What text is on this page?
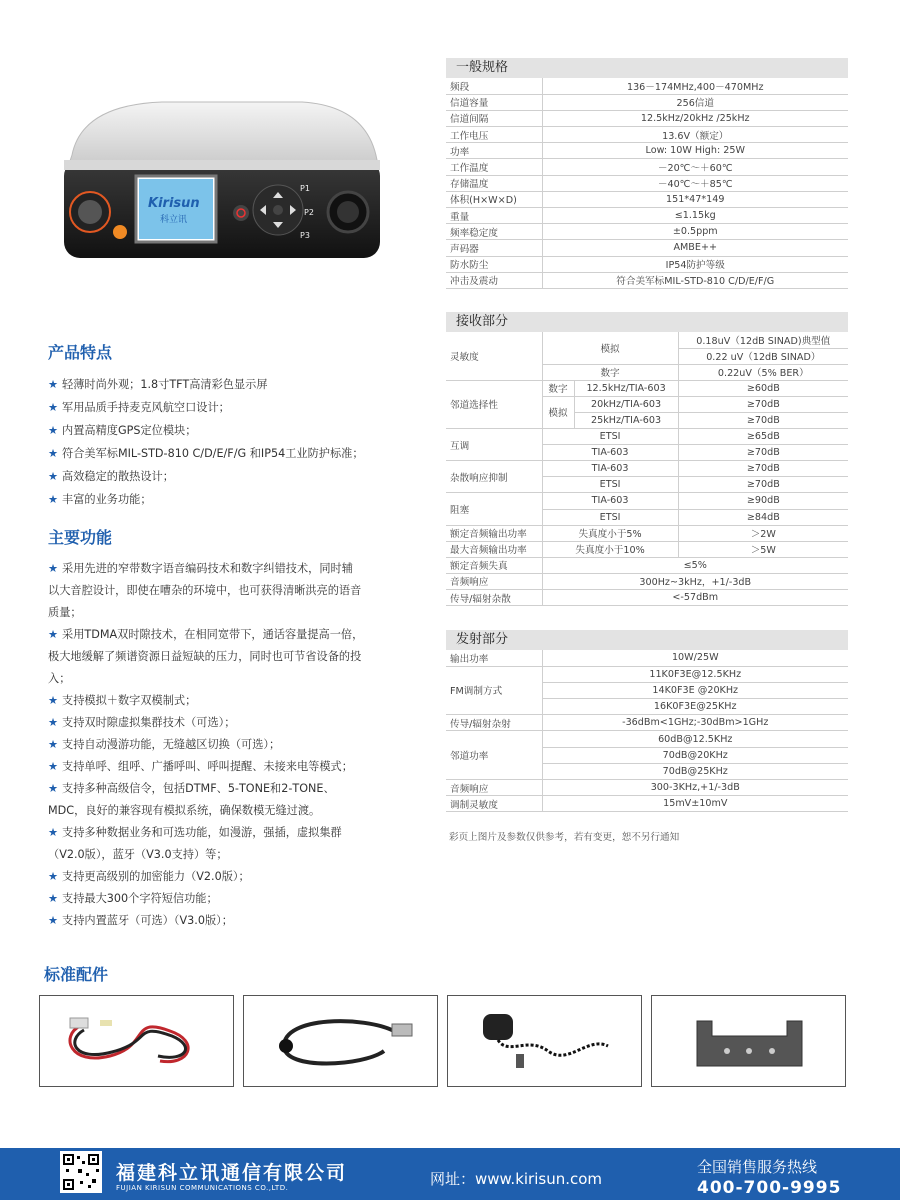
Kirisun
科立讯
P1
P2
P3
产品特点
★ 轻薄时尚外观；1.8寸TFT高清彩色显示屏
★ 军用品质手持麦克风航空口设计；
★ 内置高精度GPS定位模块；
★ 符合美军标MIL-STD-810 C/D/E/F/G 和IP54工业防护标准；
★ 高效稳定的散热设计；
★ 丰富的业务功能；
主要功能
★ 采用先进的窄带数字语音编码技术和数字纠错技术，同时辅
以大音腔设计，即使在嘈杂的环境中，也可获得清晰洪亮的语音
质量；
★ 采用TDMA双时隙技术，在相同宽带下，通话容量提高一倍，
极大地缓解了频谱资源日益短缺的压力，同时也可节省设备的投
入；
★ 支持模拟＋数字双模制式；
★ 支持双时隙虚拟集群技术（可选）；
★ 支持自动漫游功能，无缝越区切换（可选）；
★ 支持单呼、组呼、广播呼叫、呼叫提醒、未接来电等模式；
★ 支持多种高级信令，包括DTMF、5-TONE和2-TONE、
MDC，良好的兼容现有模拟系统，确保数模无缝过渡。
★ 支持多种数据业务和可选功能，如漫游，强插，虚拟集群
（V2.0版），蓝牙（V3.0支持）等；
★ 支持更高级别的加密能力（V2.0版）；
★ 支持最大300个字符短信功能；
★ 支持内置蓝牙（可选）（V3.0版）；
一般规格
频段	136－174MHz,400－470MHz
信道容量	256信道
信道间隔	12.5kHz/20kHz /25kHz
工作电压	13.6V（额定）
功率	Low: 10W High: 25W
工作温度	－20℃～＋60℃
存储温度	－40℃～＋85℃
体积(H×W×D)	151*47*149
重量	≤1.15kg
频率稳定度	±0.5ppm
声码器	AMBE++
防水防尘	IP54防护等级
冲击及震动	符合美军标MIL-STD-810 C/D/E/F/G
接收部分
灵敏度	模拟		0.18uV（12dB SINAD)典型值
			0.22 uV（12dB SINAD）
	数字		0.22uV（5% BER）
邻道选择性	数字	12.5kHz/TIA-603	≥60dB
	模拟	20kHz/TIA-603	≥70dB
		25kHz/TIA-603	≥70dB
互调	ETSI		≥65dB
	TIA-603		≥70dB
杂散响应抑制	TIA-603		≥70dB
	ETSI		≥70dB
阻塞	TIA-603		≥90dB
	ETSI		≥84dB
额定音频输出功率	失真度小于5%		＞2W
最大音频输出功率	失真度小于10%		＞5W
额定音频失真	≤5%		
音频响应	300Hz~3kHz，+1/-3dB		
传导/辐射杂散	<-57dBm		
发射部分
输出功率	10W/25W
FM调制方式	11K0F3E@12.5KHz
	14K0F3E @20KHz
	16K0F3E@25KHz
传导/辐射杂射	-36dBm<1GHz;-30dBm>1GHz
邻道功率	60dB@12.5KHz
	70dB@20KHz
	70dB@25KHz
音频响应	300-3KHz,+1/-3dB
调制灵敏度	15mV±10mV
彩页上图片及参数仅供参考，若有变更，恕不另行通知
标准配件
福建科立讯通信有限公司
FUJIAN KIRISUN COMMUNICATIONS CO.,LTD.	网址：www.kirisun.com
全国销售服务热线
400-700-9995
